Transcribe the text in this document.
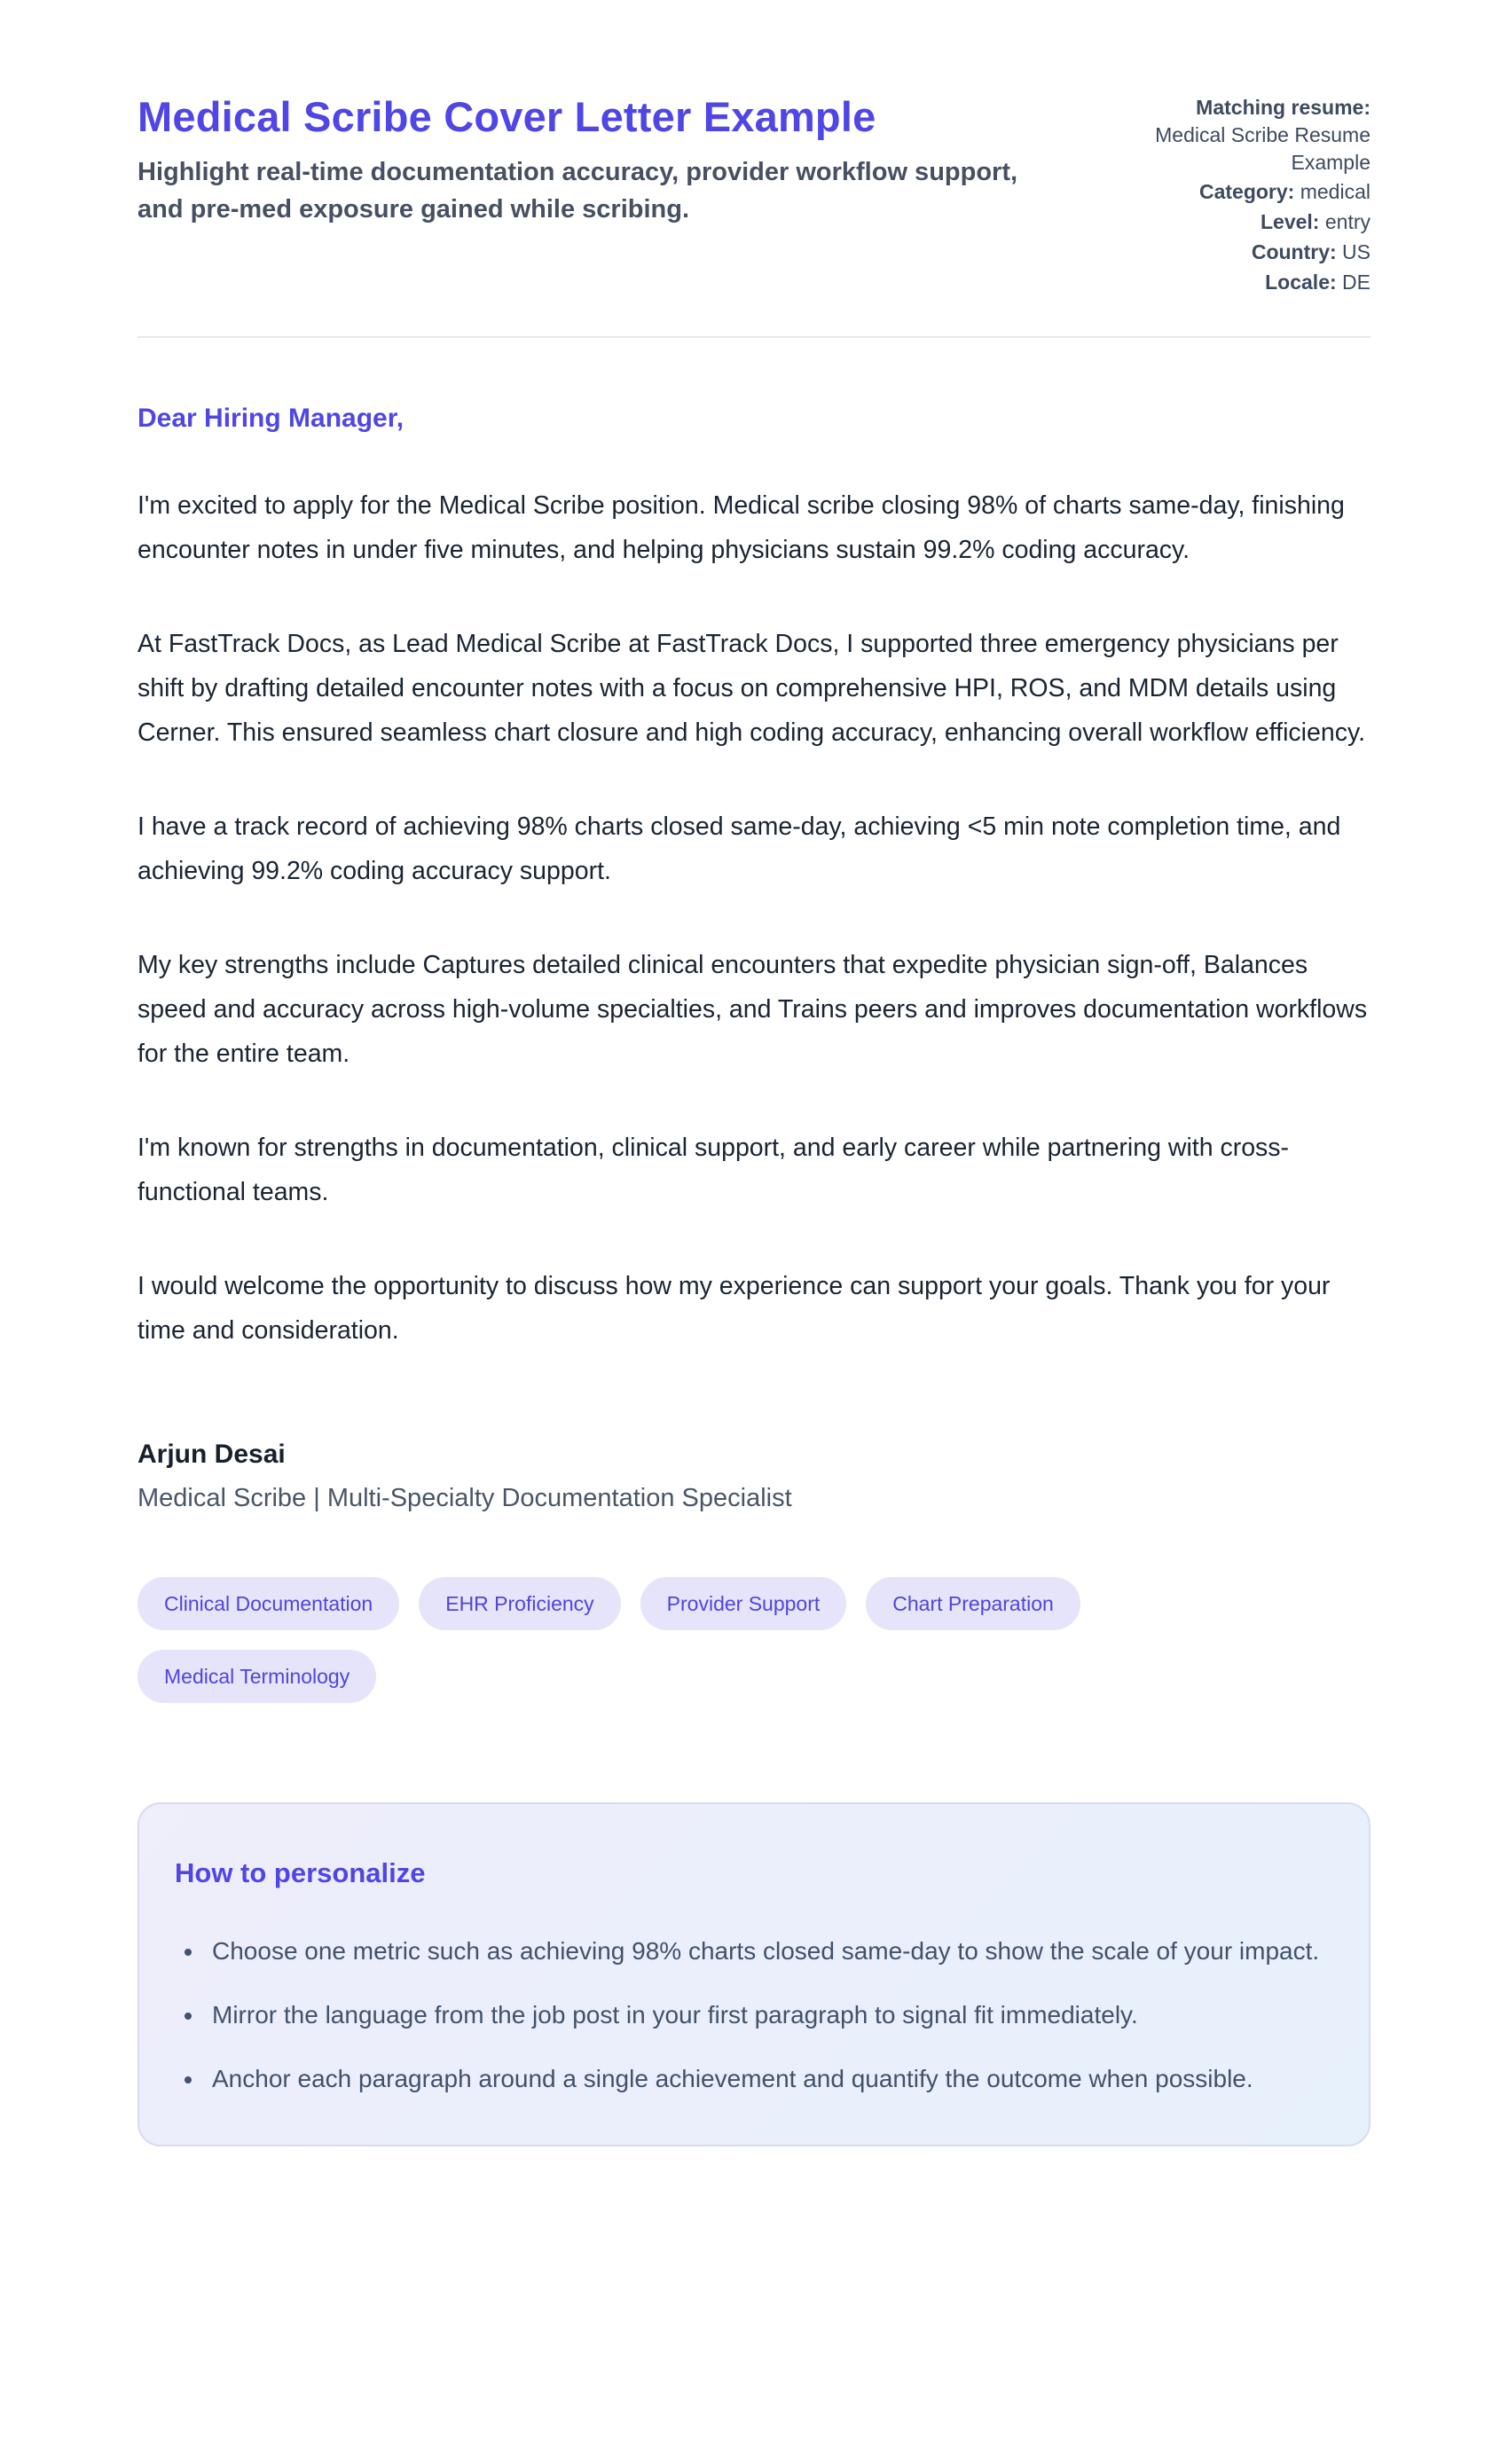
Medical Scribe Cover Letter Example
Highlight real-time documentation accuracy, provider workflow support, and pre-med exposure gained while scribing.
Matching resume:
Medical Scribe Resume Example
Category: medical
Level: entry
Country: US
Locale: DE
Dear Hiring Manager,

I'm excited to apply for the Medical Scribe position. Medical scribe closing 98% of charts same-day, finishing encounter notes in under five minutes, and helping physicians sustain 99.2% coding accuracy.

At FastTrack Docs, as Lead Medical Scribe at FastTrack Docs, I supported three emergency physicians per shift by drafting detailed encounter notes with a focus on comprehensive HPI, ROS, and MDM details using Cerner. This ensured seamless chart closure and high coding accuracy, enhancing overall workflow efficiency.

I have a track record of achieving 98% charts closed same-day, achieving <5 min note completion time, and achieving 99.2% coding accuracy support.

My key strengths include Captures detailed clinical encounters that expedite physician sign-off, Balances speed and accuracy across high-volume specialties, and Trains peers and improves documentation workflows for the entire team.

I'm known for strengths in documentation, clinical support, and early career while partnering with cross-functional teams.

I would welcome the opportunity to discuss how my experience can support your goals. Thank you for your time and consideration.

Arjun Desai
Medical Scribe | Multi-Specialty Documentation Specialist
Clinical Documentation	EHR Proficiency	Provider Support	Chart Preparation
Medical Terminology
How to personalize
• Choose one metric such as achieving 98% charts closed same-day to show the scale of your impact.
• Mirror the language from the job post in your first paragraph to signal fit immediately.
• Anchor each paragraph around a single achievement and quantify the outcome when possible.
